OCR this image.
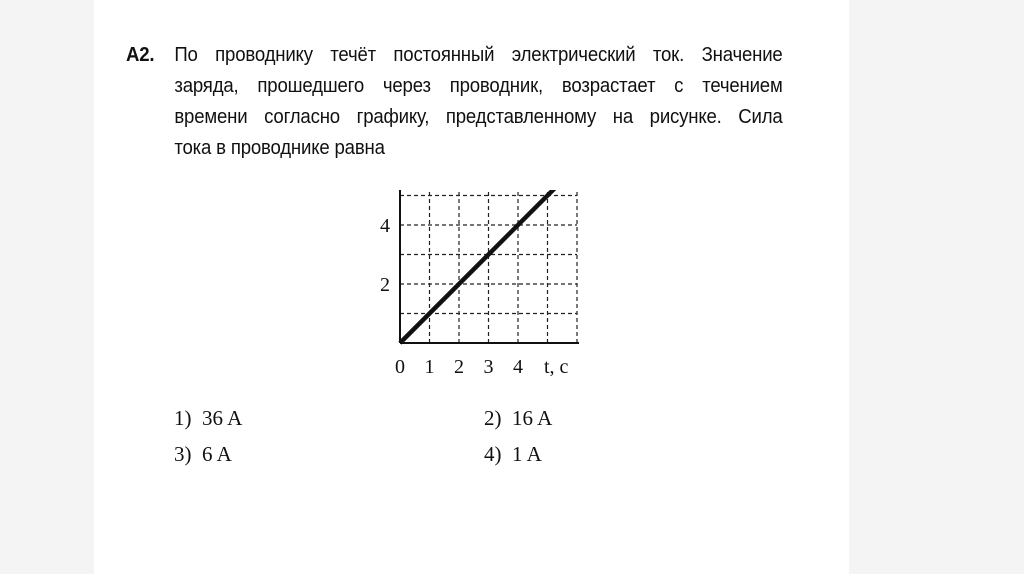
A2. По проводнику течёт постоянный электрический ток. Значение
заряда, прошедшего через проводник, возрастает с течением
времени согласно графику, представленному на рисунке. Сила
тока в проводнике равна
0 1 2 3 4
2
4
t, с
1) 36 A	2) 16 A
3) 6 A	4) 1 A
